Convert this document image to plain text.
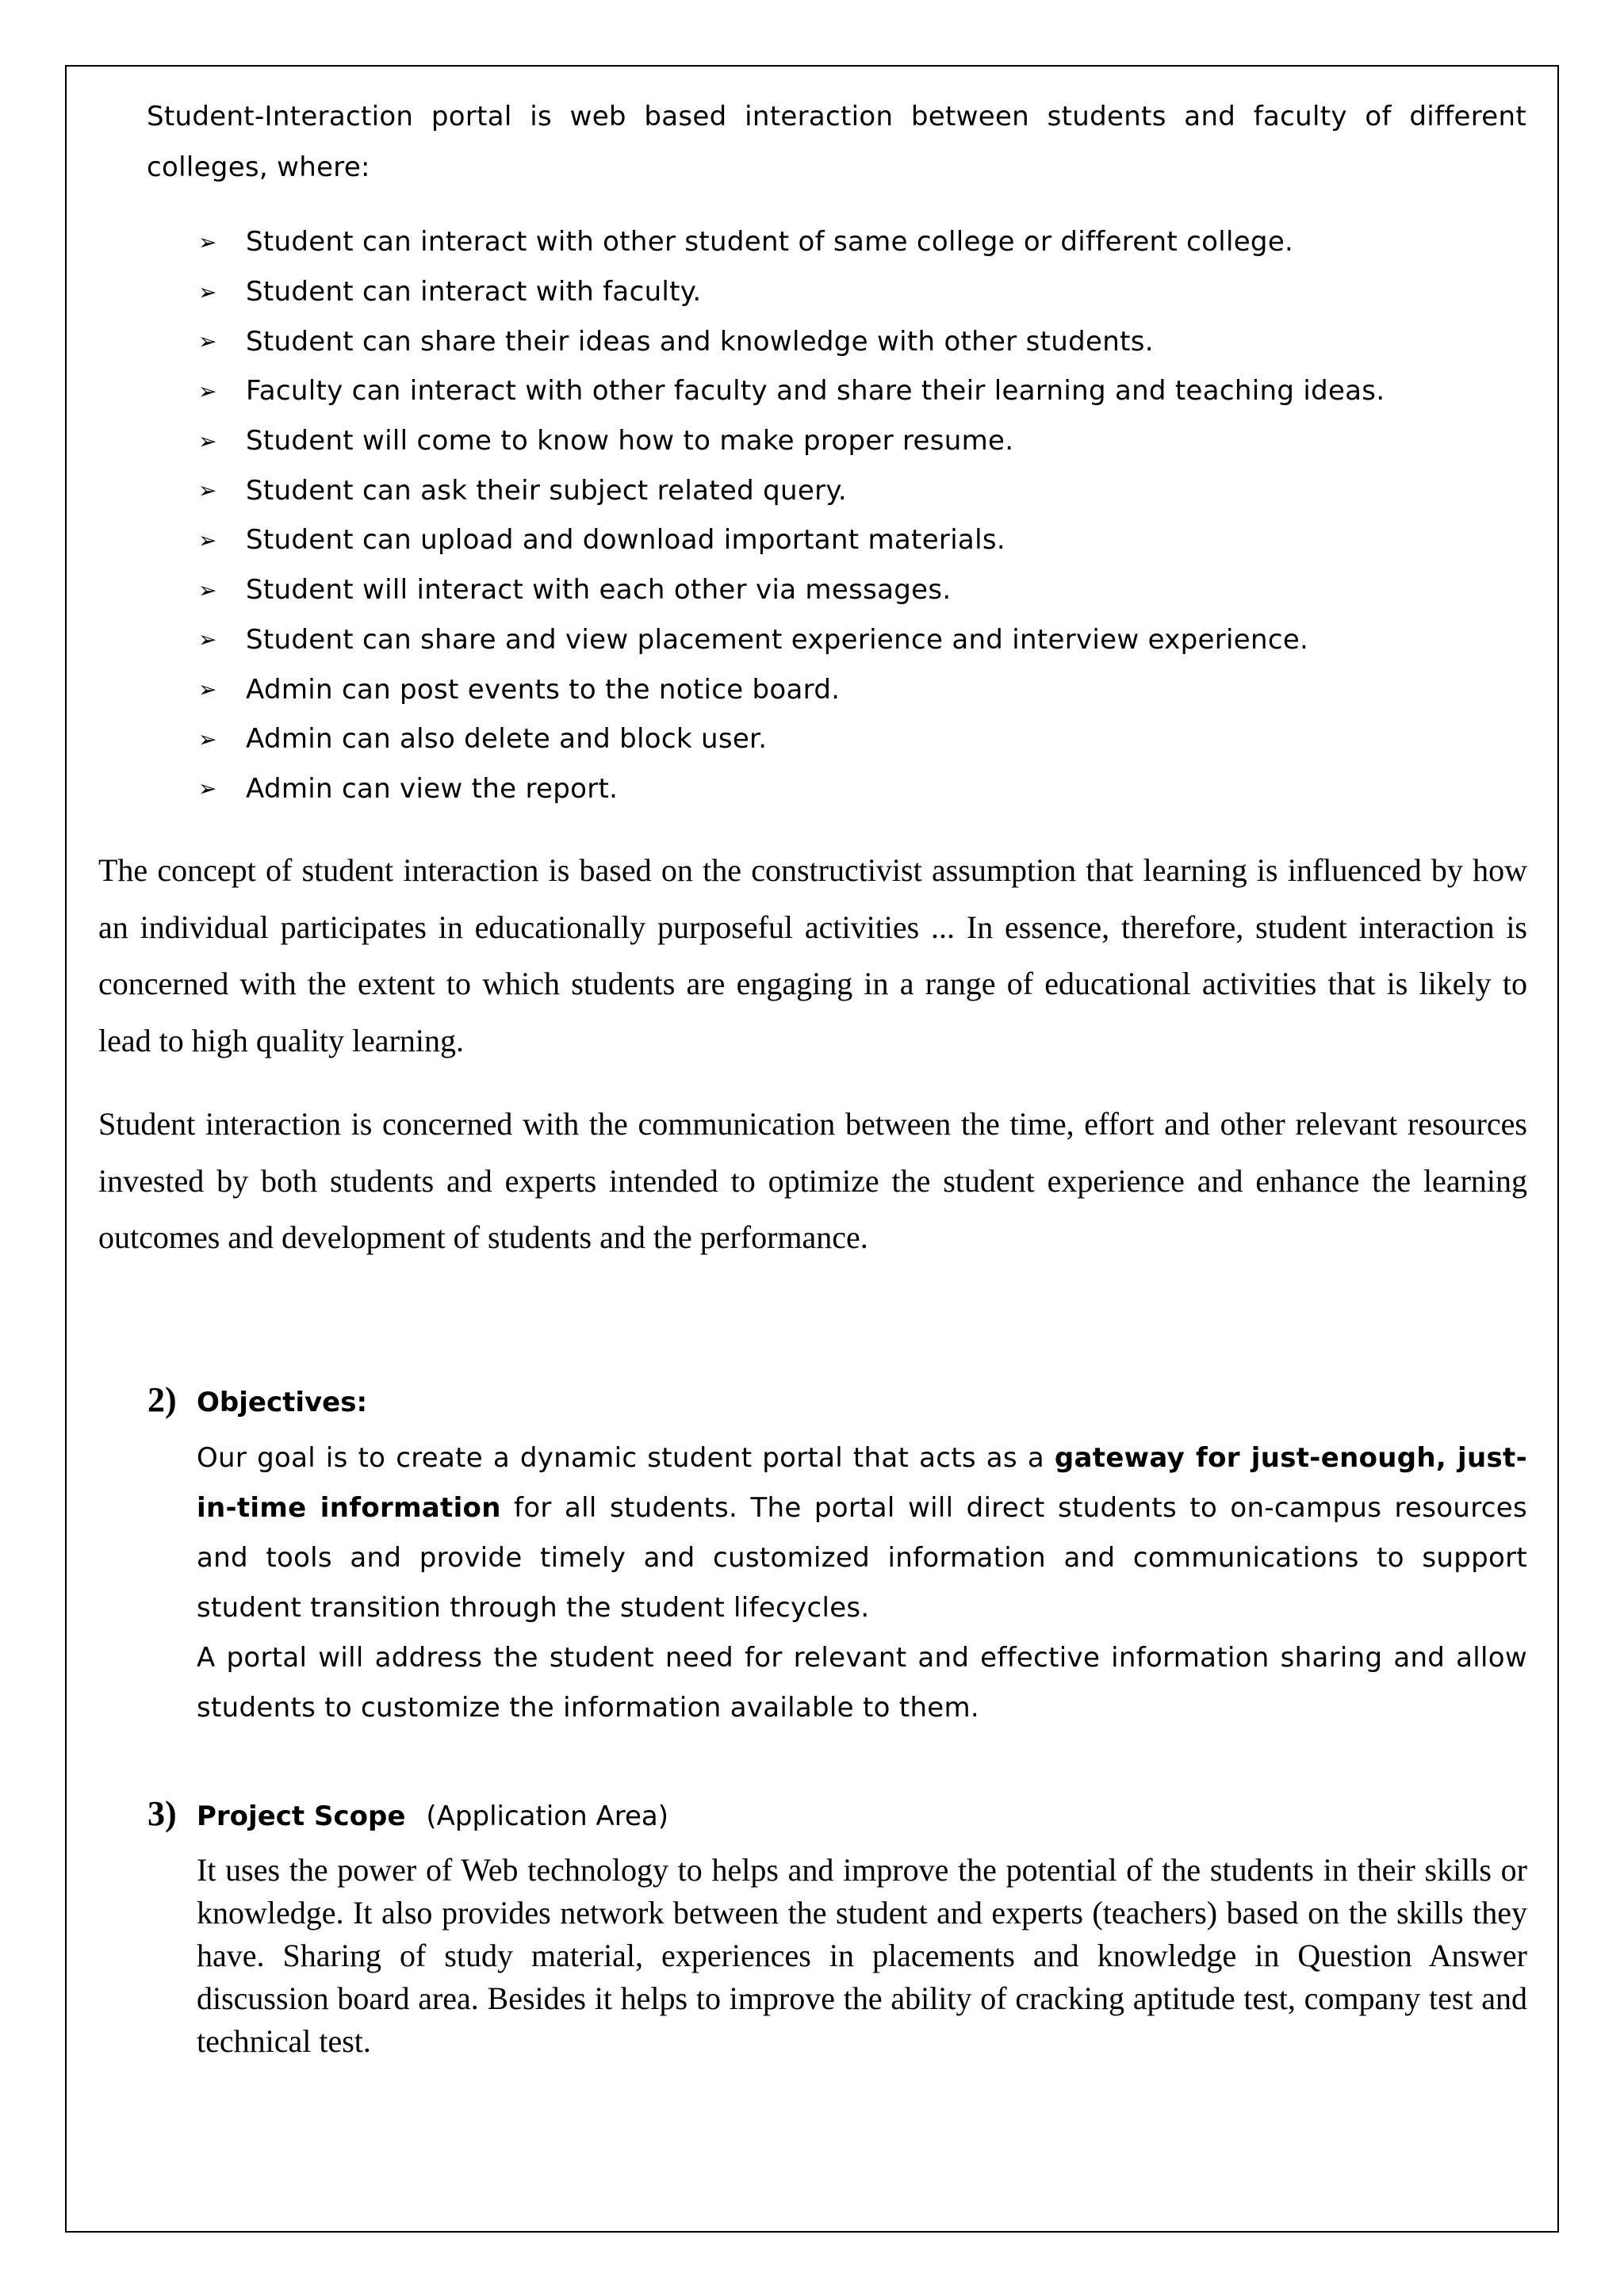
Student-Interaction portal is web based interaction between students and faculty of different colleges, where:

➢	Student can interact with other student of same college or different college.
➢	Student can interact with faculty.
➢	Student can share their ideas and knowledge with other students.
➢	Faculty can interact with other faculty and share their learning and teaching ideas.
➢	Student will come to know how to make proper resume.
➢	Student can ask their subject related query.
➢	Student can upload and download important materials.
➢	Student will interact with each other via messages.
➢	Student can share and view placement experience and interview experience.
➢	Admin can post events to the notice board.
➢	Admin can also delete and block user.
➢	Admin can view the report.

The concept of student interaction is based on the constructivist assumption that learning is influenced by how an individual participates in educationally purposeful activities ... In essence, therefore, student interaction is concerned with the extent to which students are engaging in a range of educational activities that is likely to lead to high quality learning.

Student interaction is concerned with the communication between the time, effort and other relevant resources invested by both students and experts intended to optimize the student experience and enhance the learning outcomes and development of students and the performance.

2) Objectives:

Our goal is to create a dynamic student portal that acts as a gateway for just-enough, just-in-time information for all students. The portal will direct students to on-campus resources and tools and provide timely and customized information and communications to support student transition through the student lifecycles.

A portal will address the student need for relevant and effective information sharing and allow students to customize the information available to them.

3) Project Scope (Application Area)

It uses the power of Web technology to helps and improve the potential of the students in their skills or knowledge. It also provides network between the student and experts (teachers) based on the skills they have. Sharing of study material, experiences in placements and knowledge in Question Answer discussion board area. Besides it helps to improve the ability of cracking aptitude test, company test and technical test.
